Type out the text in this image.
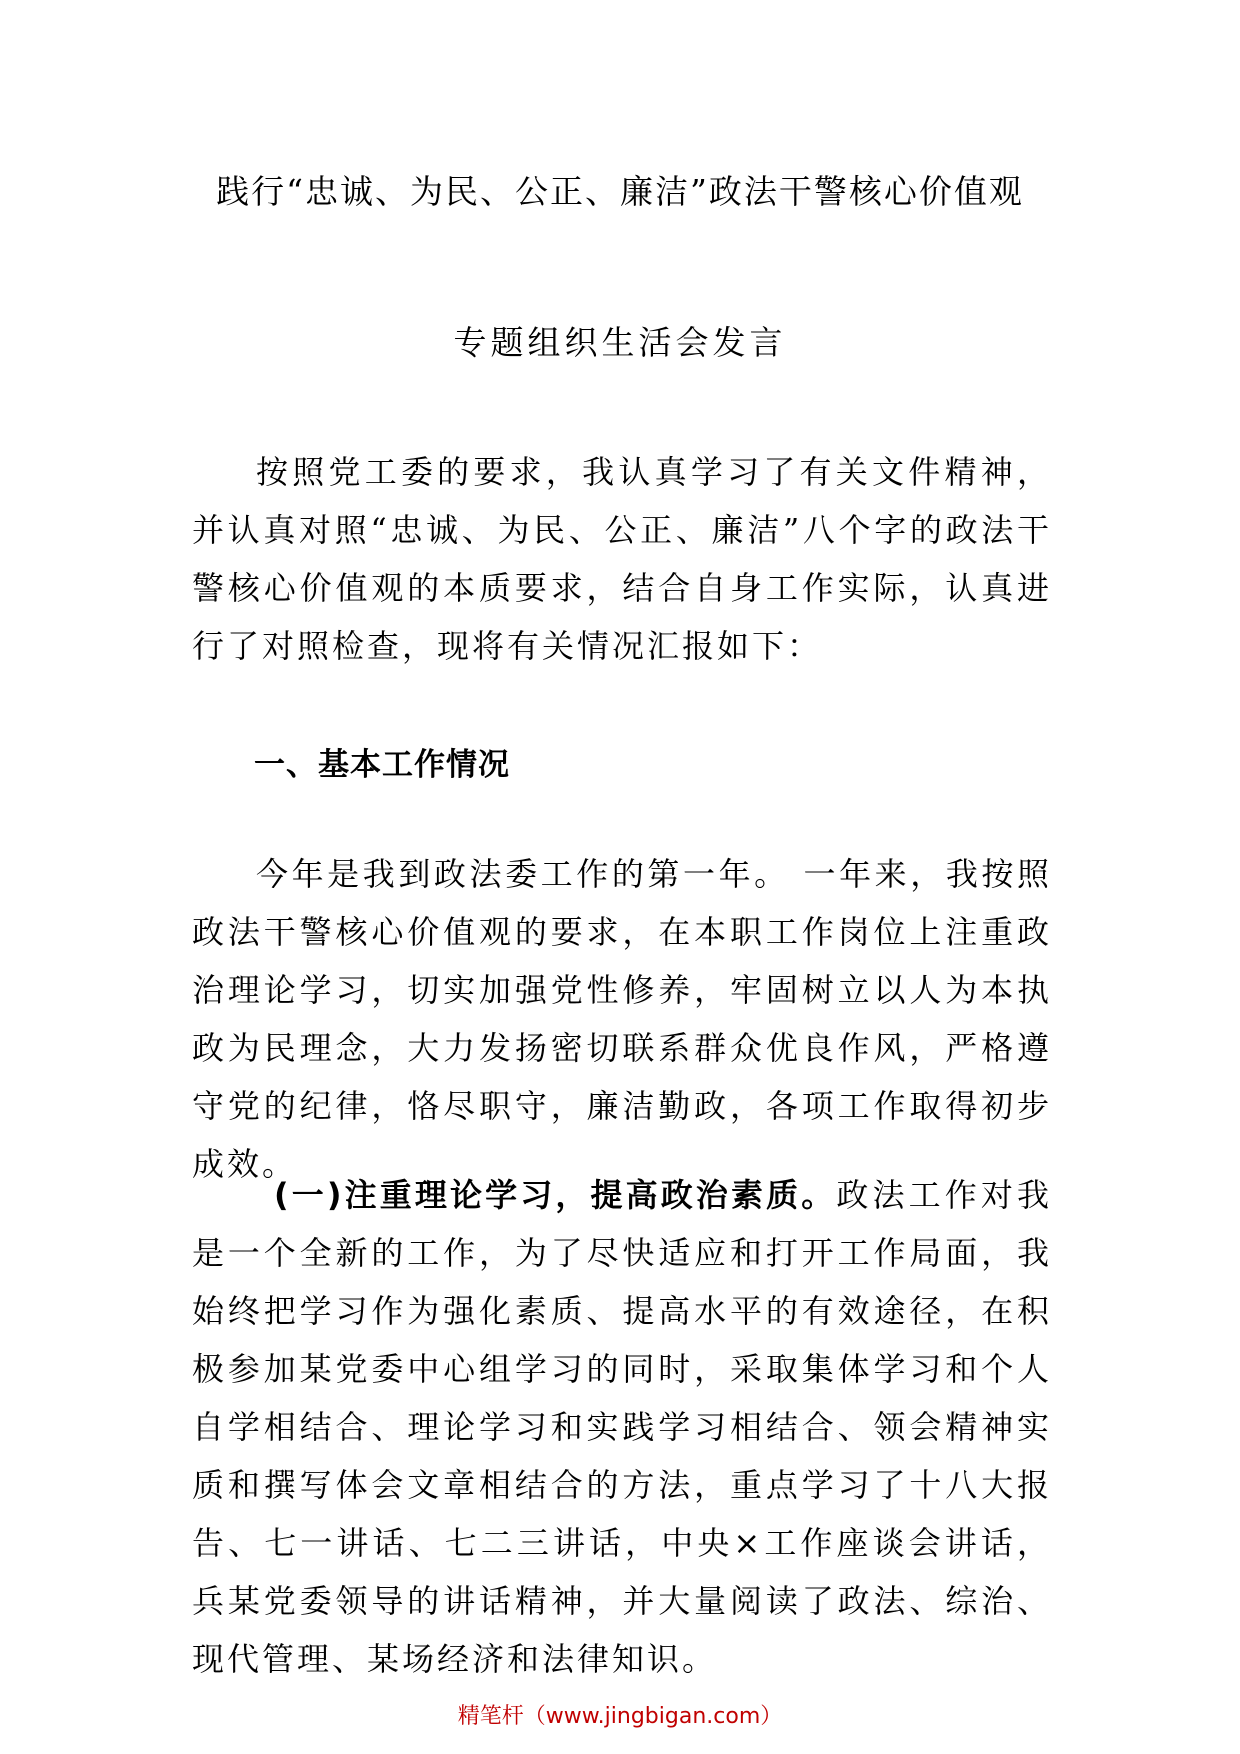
践行“忠诚、为民、公正、廉洁”政法干警核心价值观
专题组织生活会发言

按照党工委的要求，我认真学习了有关文件精神，并认真对照“忠诚、为民、公正、廉洁”八个字的政法干警核心价值观的本质要求，结合自身工作实际，认真进行了对照检查，现将有关情况汇报如下：

一、基本工作情况

今年是我到政法委工作的第一年。 一年来，我按照政法干警核心价值观的要求，在本职工作岗位上注重政治理论学习，切实加强党性修养，牢固树立以人为本执政为民理念，大力发扬密切联系群众优良作风，严格遵守党的纪律，恪尽职守，廉洁勤政，各项工作取得初步成效。

(一)注重理论学习，提高政治素质。政法工作对我是一个全新的工作，为了尽快适应和打开工作局面，我始终把学习作为强化素质、提高水平的有效途径，在积极参加某党委中心组学习的同时，采取集体学习和个人自学相结合、理论学习和实践学习相结合、领会精神实质和撰写体会文章相结合的方法，重点学习了十八大报告、七一讲话、七二三讲话，中央×工作座谈会讲话，兵某党委领导的讲话精神，并大量阅读了政法、综治、现代管理、某场经济和法律知识。

精笔杆（www.jingbigan.com）
